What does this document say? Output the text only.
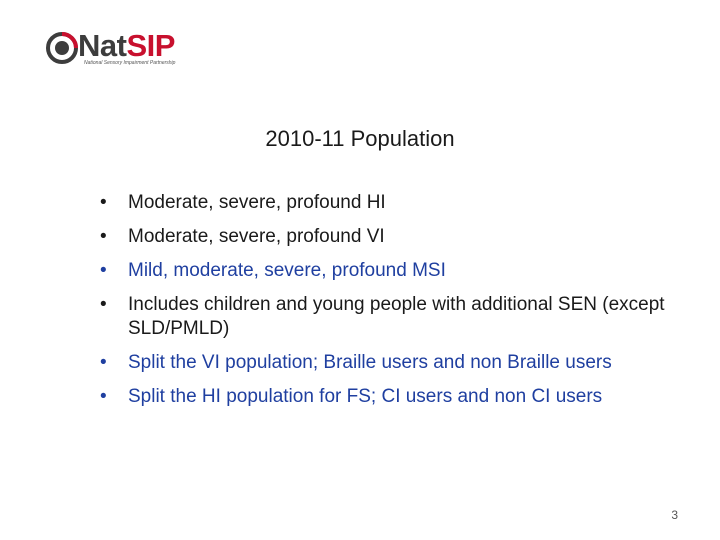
NatSIP
National Sensory Impairment Partnership
2010-11 Population
• Moderate, severe, profound HI
• Moderate, severe, profound VI
• Mild, moderate, severe, profound MSI
• Includes children and young people with additional SEN (except SLD/PMLD)
• Split the VI population; Braille users and non Braille users
• Split the HI population for FS; CI users and non CI users
3
